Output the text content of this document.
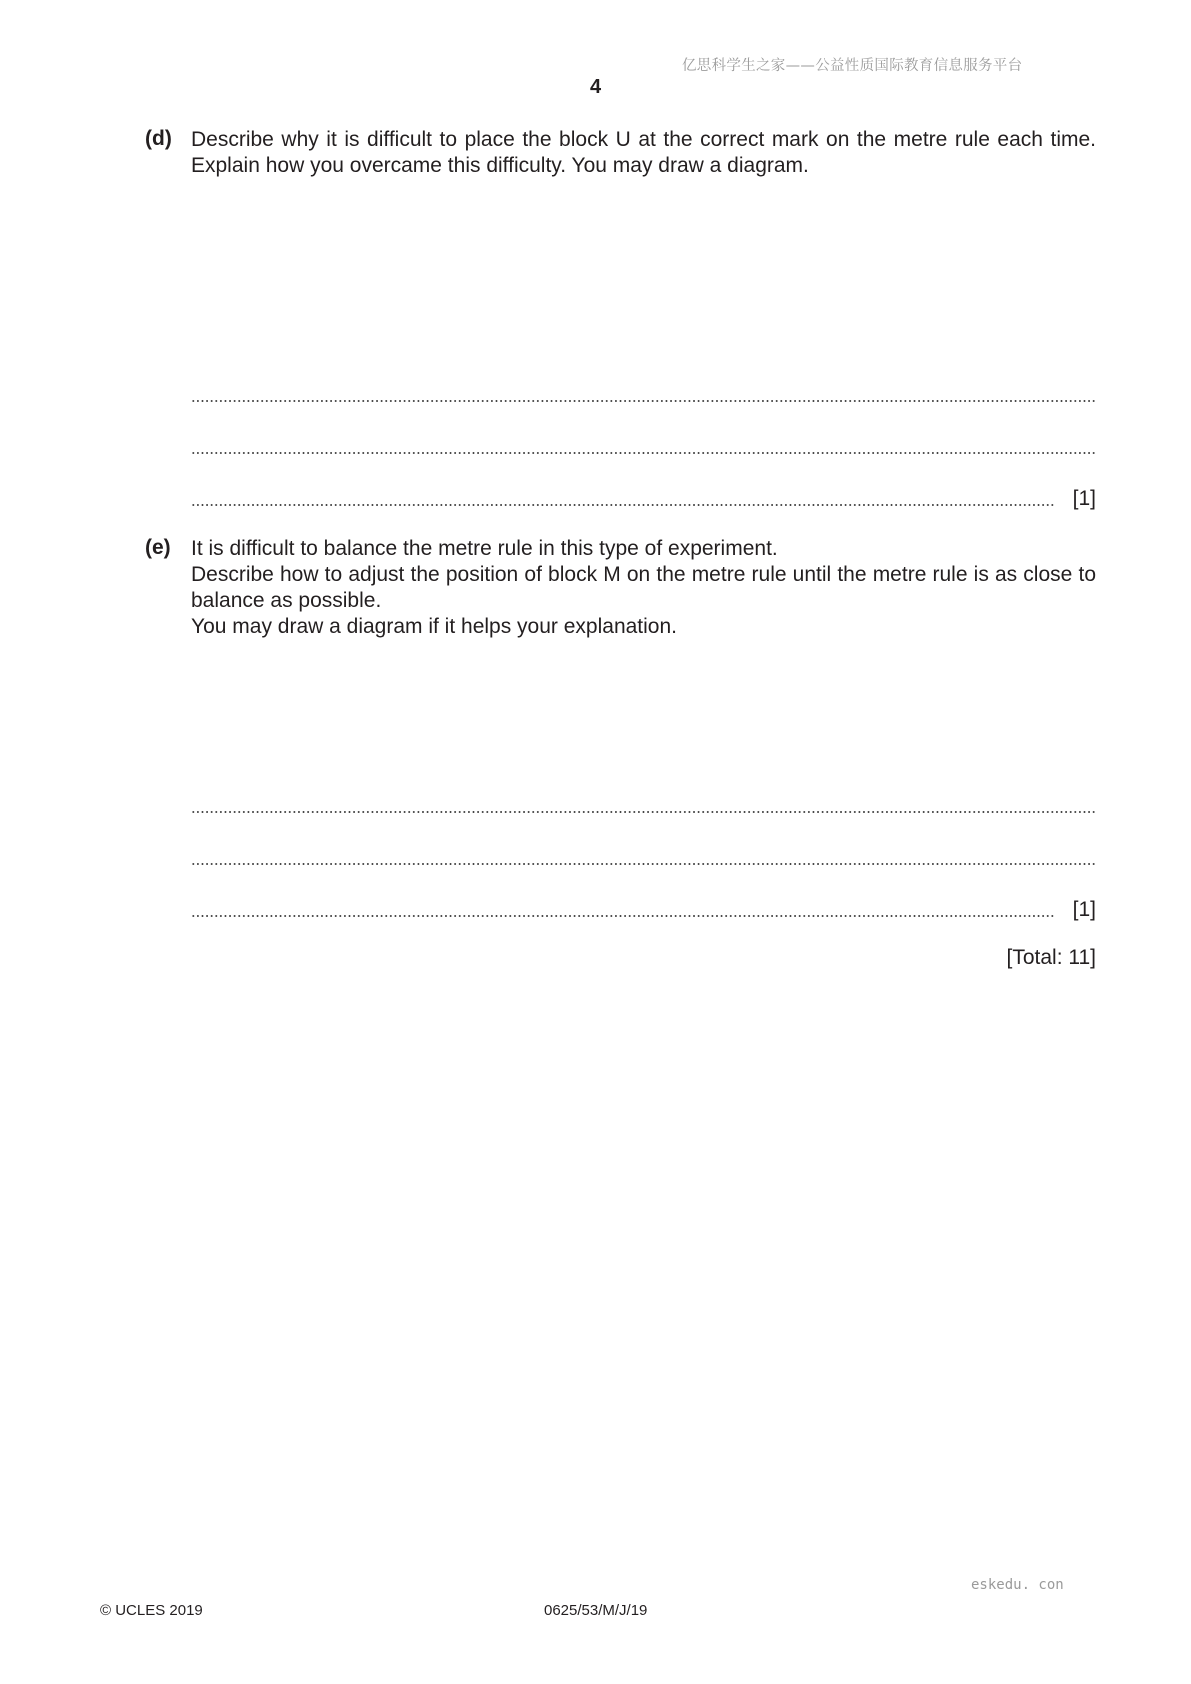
亿思科学生之家——公益性质国际教育信息服务平台
4
(d) Describe why it is difficult to place the block U at the correct mark on the metre rule each time. Explain how you overcame this difficulty. You may draw a diagram.

[1]
(e) It is difficult to balance the metre rule in this type of experiment.

Describe how to adjust the position of block M on the metre rule until the metre rule is as close to balance as possible.

You may draw a diagram if it helps your explanation.

[1]
[Total: 11]
eskedu. con
© UCLES 2019	0625/53/M/J/19
